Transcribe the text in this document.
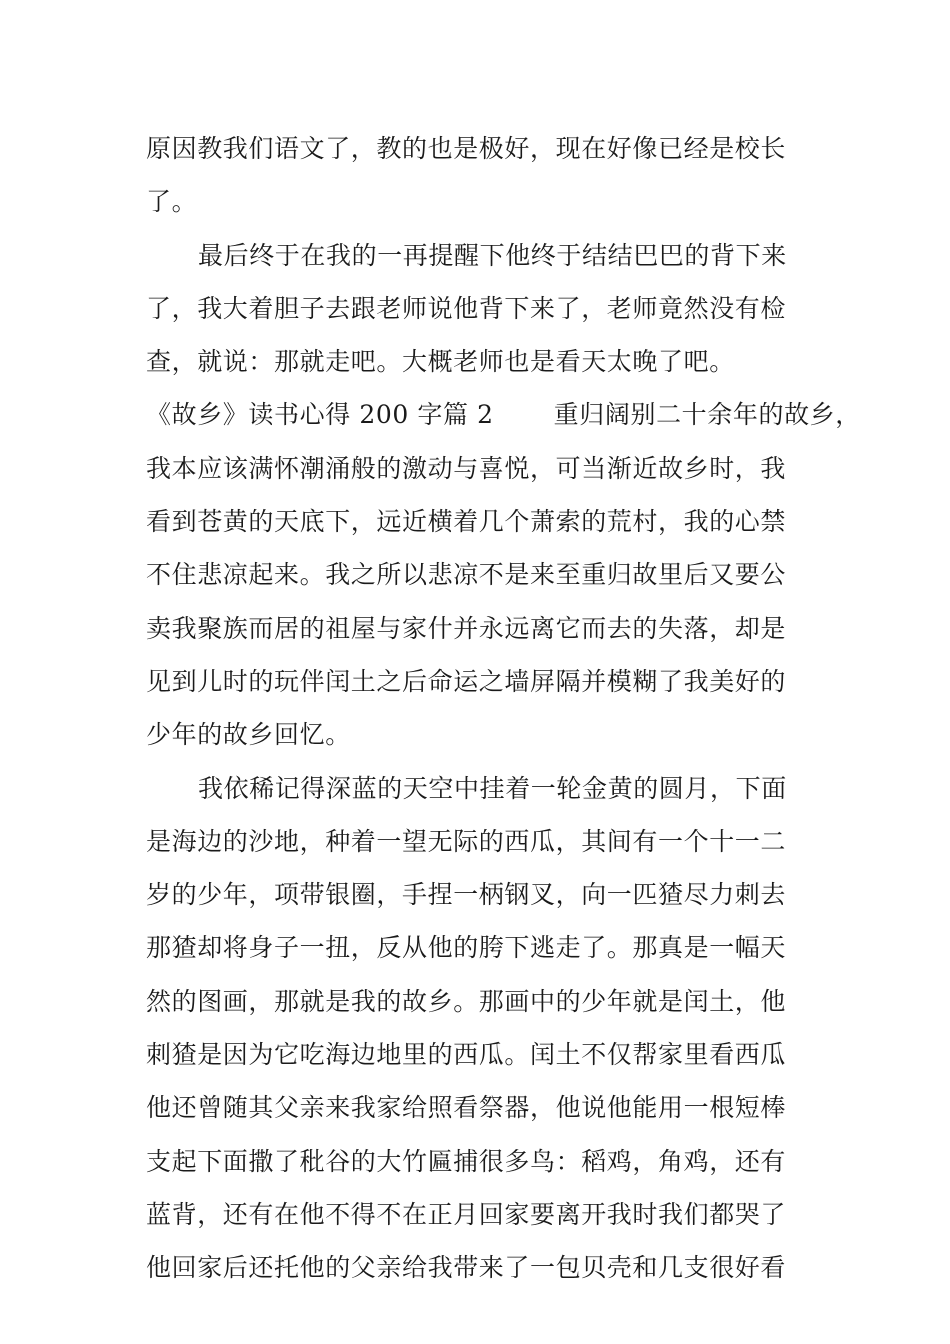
原因教我们语文了，教的也是极好，现在好像已经是校长
了。
最后终于在我的一再提醒下他终于结结巴巴的背下来
了，我大着胆子去跟老师说他背下来了，老师竟然没有检
查，就说：那就走吧。大概老师也是看天太晚了吧。
《故乡》读书心得 200 字篇 2 重归阔别二十余年的故乡，
我本应该满怀潮涌般的激动与喜悦，可当渐近故乡时，我
看到苍黄的天底下，远近横着几个萧索的荒村，我的心禁
不住悲凉起来。我之所以悲凉不是来至重归故里后又要公
卖我聚族而居的祖屋与家什并永远离它而去的失落，却是
见到儿时的玩伴闰土之后命运之墙屏隔并模糊了我美好的
少年的故乡回忆。
我依稀记得深蓝的天空中挂着一轮金黄的圆月，下面
是海边的沙地，种着一望无际的西瓜，其间有一个十一二
岁的少年，项带银圈，手捏一柄钢叉，向一匹猹尽力刺去
那猹却将身子一扭，反从他的胯下逃走了。那真是一幅天
然的图画，那就是我的故乡。那画中的少年就是闰土，他
刺猹是因为它吃海边地里的西瓜。闰土不仅帮家里看西瓜
他还曾随其父亲来我家给照看祭器，他说他能用一根短棒
支起下面撒了秕谷的大竹匾捕很多鸟：稻鸡，角鸡，还有
蓝背，还有在他不得不在正月回家要离开我时我们都哭了
他回家后还托他的父亲给我带来了一包贝壳和几支很好看
